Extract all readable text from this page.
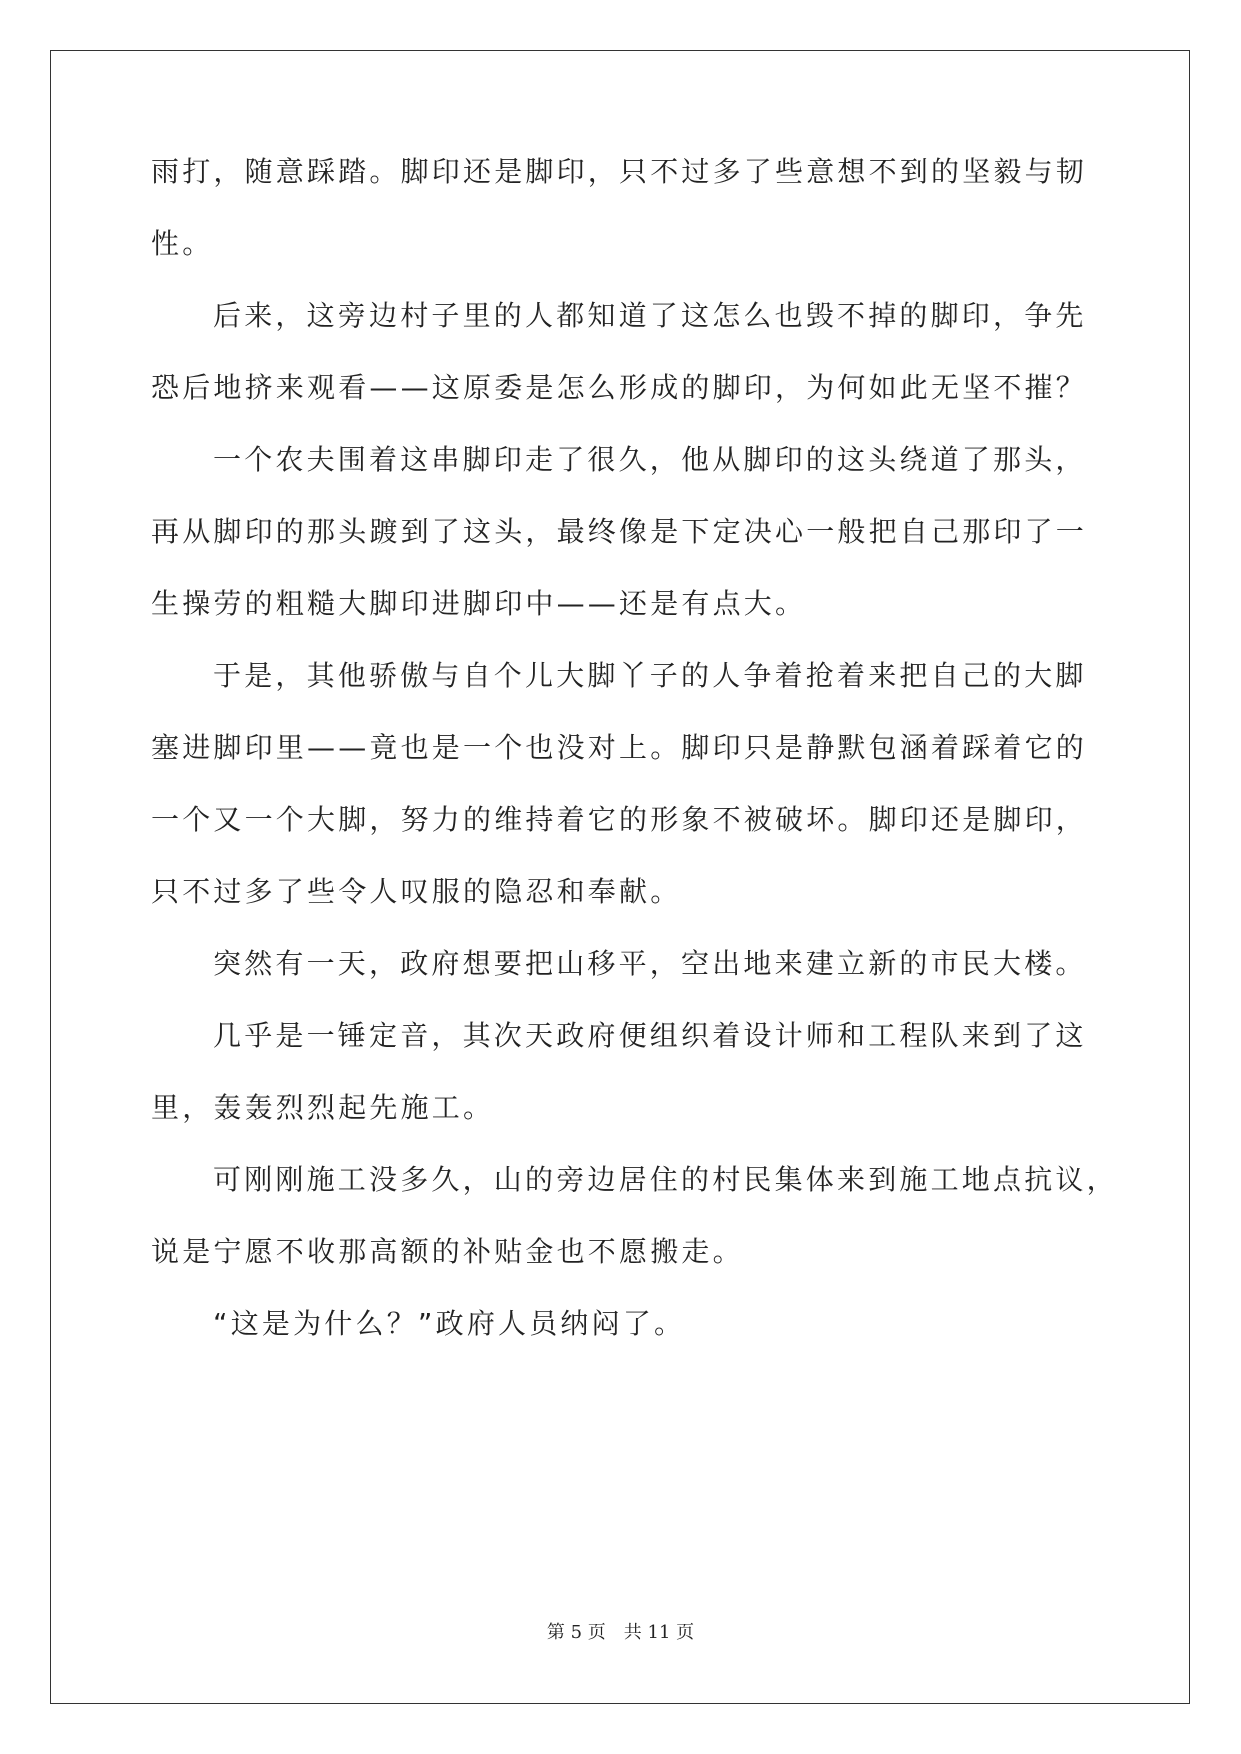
雨打，随意踩踏。脚印还是脚印，只不过多了些意想不到的坚毅与韧
性。
后来，这旁边村子里的人都知道了这怎么也毁不掉的脚印，争先
恐后地挤来观看——这原委是怎么形成的脚印，为何如此无坚不摧？
一个农夫围着这串脚印走了很久，他从脚印的这头绕道了那头，
再从脚印的那头踱到了这头，最终像是下定决心一般把自己那印了一
生操劳的粗糙大脚印进脚印中——还是有点大。
于是，其他骄傲与自个儿大脚丫子的人争着抢着来把自己的大脚
塞进脚印里——竟也是一个也没对上。脚印只是静默包涵着踩着它的
一个又一个大脚，努力的维持着它的形象不被破坏。脚印还是脚印，
只不过多了些令人叹服的隐忍和奉献。
突然有一天，政府想要把山移平，空出地来建立新的市民大楼。
几乎是一锤定音，其次天政府便组织着设计师和工程队来到了这
里，轰轰烈烈起先施工。
可刚刚施工没多久，山的旁边居住的村民集体来到施工地点抗议，
说是宁愿不收那高额的补贴金也不愿搬走。
“这是为什么？”政府人员纳闷了。
第 5 页　共 11 页
